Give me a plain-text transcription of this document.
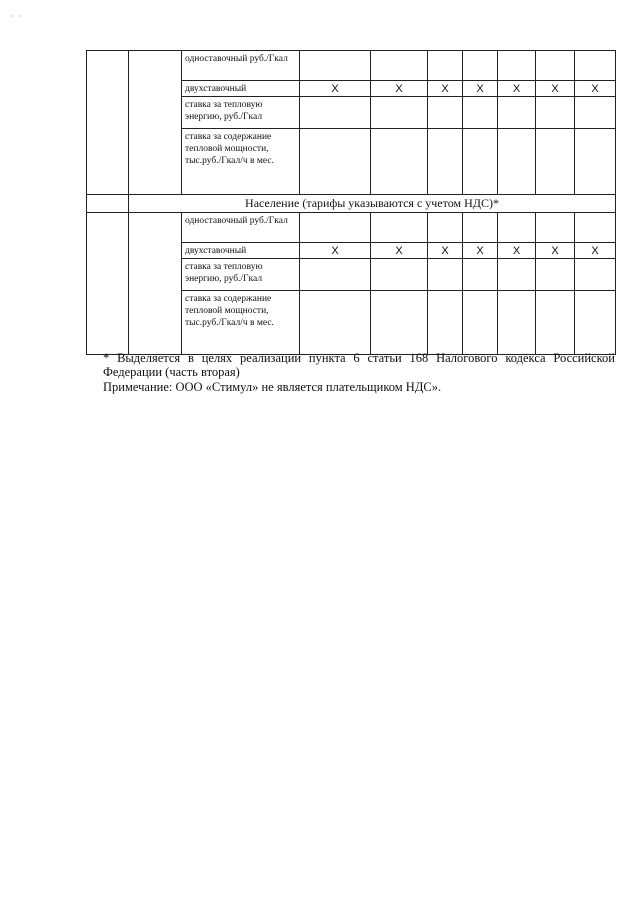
· ·
		одноставочный руб./Гкал							
		двухставочный	Х	Х	Х	Х	Х	Х	Х
		ставка за тепловую энергию, руб./Гкал							
		ставка за содержание тепловой мощности, тыс.руб./Гкал/ч в мес.							
	Население (тарифы указываются с учетом НДС)*								
		одноставочный руб./Гкал							
		двухставочный	Х	Х	Х	Х	Х	Х	Х
		ставка за тепловую энергию, руб./Гкал							
		ставка за содержание тепловой мощности, тыс.руб./Гкал/ч в мес.							
* Выделяется в целях реализации пункта 6 статьи 168 Налогового кодекса Российской
Федерации (часть вторая)
Примечание: ООО «Стимул» не является плательщиком НДС».
